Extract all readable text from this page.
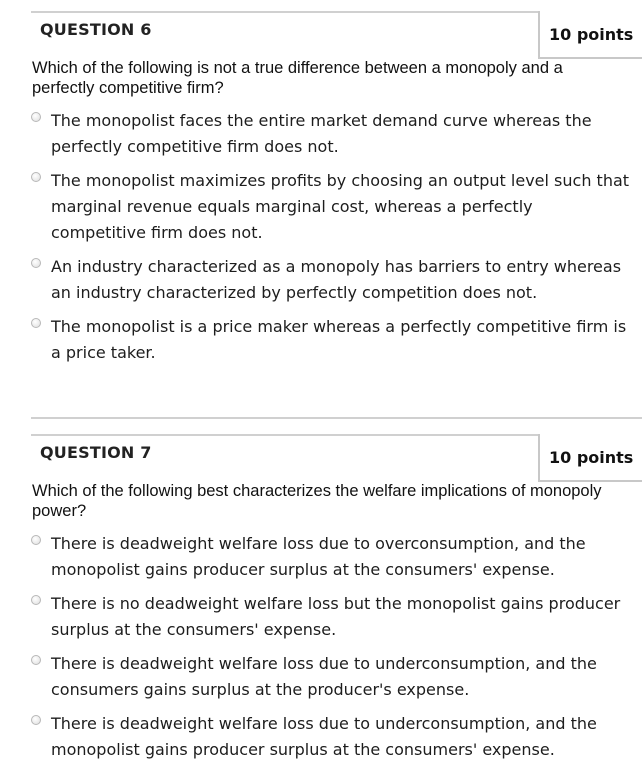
QUESTION 6
Which of the following is not a true difference between a monopoly and a perfectly competitive firm?
10 points
The monopolist faces the entire market demand curve whereas the perfectly competitive firm does not.
The monopolist maximizes profits by choosing an output level such that marginal revenue equals marginal cost, whereas a perfectly competitive firm does not.
An industry characterized as a monopoly has barriers to entry whereas an industry characterized by perfectly competition does not.
The monopolist is a price maker whereas a perfectly competitive firm is a price taker.
QUESTION 7
Which of the following best characterizes the welfare implications of monopoly power?
10 points
There is deadweight welfare loss due to overconsumption, and the monopolist gains producer surplus at the consumers' expense.
There is no deadweight welfare loss but the monopolist gains producer surplus at the consumers' expense.
There is deadweight welfare loss due to underconsumption, and the consumers gains surplus at the producer's expense.
There is deadweight welfare loss due to underconsumption, and the monopolist gains producer surplus at the consumers' expense.
